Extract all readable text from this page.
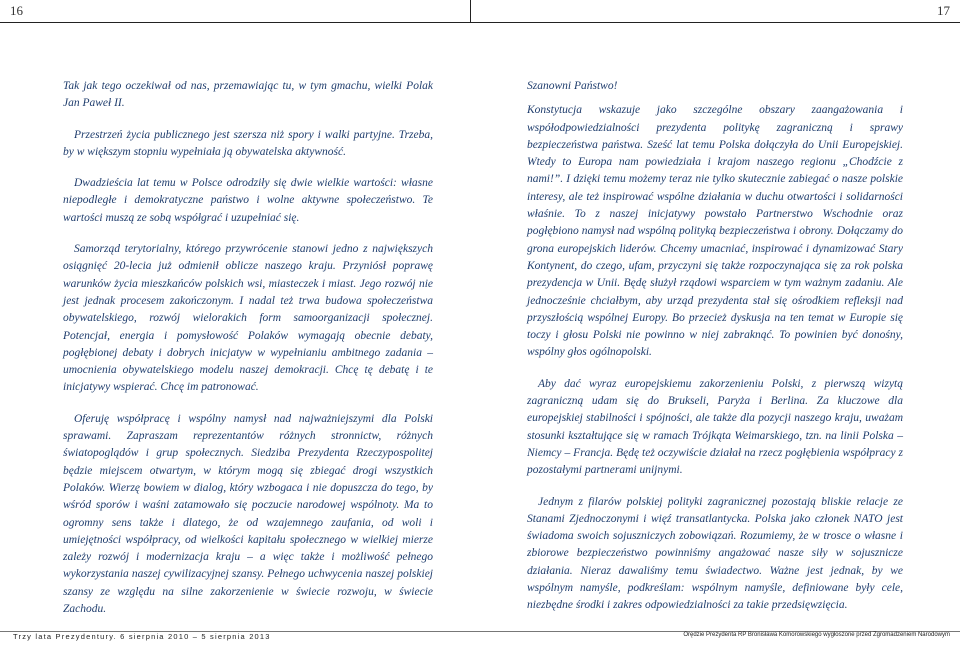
16	17

Tak jak tego oczekiwał od nas, przemawiając tu, w tym gmachu, wielki Polak Jan Paweł II.

Przestrzeń życia publicznego jest szersza niż spory i walki partyjne. Trzeba, by w większym stopniu wypełniała ją obywatelska aktywność.

Dwadzieścia lat temu w Polsce odrodziły się dwie wielkie wartości: własne niepodległe i demokratyczne państwo i wolne aktywne społeczeństwo. Te wartości muszą ze sobą współgrać i uzupełniać się.

Samorząd terytorialny, którego przywrócenie stanowi jedno z największych osiągnięć 20-lecia już odmienił oblicze naszego kraju. Przyniósł poprawę warunków życia mieszkańców polskich wsi, miasteczek i miast. Jego rozwój nie jest jednak procesem zakończonym. I nadal też trwa budowa społeczeństwa obywatelskiego, rozwój wielorakich form samoorganizacji społecznej. Potencjał, energia i pomysłowość Polaków wymagają obecnie debaty, pogłębionej debaty i dobrych inicjatyw w wypełnianiu ambitnego zadania – umocnienia obywatelskiego modelu naszej demokracji. Chcę tę debatę i te inicjatywy wspierać. Chcę im patronować.

Oferuję współpracę i wspólny namysł nad najważniejszymi dla Polski sprawami. Zapraszam reprezentantów różnych stronnictw, różnych światopoglądów i grup społecznych. Siedziba Prezydenta Rzeczypospolitej będzie miejscem otwartym, w którym mogą się zbiegać drogi wszystkich Polaków. Wierzę bowiem w dialog, który wzbogaca i nie dopuszcza do tego, by wśród sporów i waśni zatamowało się poczucie narodowej wspólnoty. Ma to ogromny sens także i dlatego, że od wzajemnego zaufania, od woli i umiejętności współpracy, od wielkości kapitału społecznego w wielkiej mierze zależy rozwój i modernizacja kraju – a więc także i możliwość pełnego wykorzystania naszej cywilizacyjnej szansy. Pełnego uchwycenia naszej polskiej szansy ze względu na silne zakorzenienie w świecie rozwoju, w świecie Zachodu.

Szanowni Państwo!

Konstytucja wskazuje jako szczególne obszary zaangażowania i współodpowiedzialności prezydenta politykę zagraniczną i sprawy bezpieczeństwa państwa. Sześć lat temu Polska dołączyła do Unii Europejskiej. Wtedy to Europa nam powiedziała i krajom naszego regionu „Chodźcie z nami!”. I dzięki temu możemy teraz nie tylko skutecznie zabiegać o nasze polskie interesy, ale też inspirować wspólne działania w duchu otwartości i solidarności właśnie. To z naszej inicjatywy powstało Partnerstwo Wschodnie oraz pogłębiono namysł nad wspólną polityką bezpieczeństwa i obrony. Dołączamy do grona europejskich liderów. Chcemy umacniać, inspirować i dynamizować Stary Kontynent, do czego, ufam, przyczyni się także rozpoczynająca się za rok polska prezydencja w Unii. Będę służył rządowi wsparciem w tym ważnym zadaniu. Ale jednocześnie chciałbym, aby urząd prezydenta stał się ośrodkiem refleksji nad przyszłością wspólnej Europy. Bo przecież dyskusja na ten temat w Europie się toczy i głosu Polski nie powinno w niej zabraknąć. To powinien być donośny, wspólny głos ogólnopolski.

Aby dać wyraz europejskiemu zakorzenieniu Polski, z pierwszą wizytą zagraniczną udam się do Brukseli, Paryża i Berlina. Za kluczowe dla europejskiej stabilności i spójności, ale także dla pozycji naszego kraju, uważam stosunki kształtujące się w ramach Trójkąta Weimarskiego, tzn. na linii Polska – Niemcy – Francja. Będę też oczywiście działał na rzecz pogłębienia współpracy z pozostałymi partnerami unijnymi.

Jednym z filarów polskiej polityki zagranicznej pozostają bliskie relacje ze Stanami Zjednoczonymi i więź transatlantycka. Polska jako członek NATO jest świadoma swoich sojuszniczych zobowiązań. Rozumiemy, że w trosce o własne i zbiorowe bezpieczeństwo powinniśmy angażować nasze siły w sojusznicze działania. Nieraz dawaliśmy temu świadectwo. Ważne jest jednak, by we wspólnym namyśle, podkreślam: wspólnym namyśle, definiowane były cele, niezbędne środki i zakres odpowiedzialności za takie przedsięwzięcia.

Trzy lata Prezydentury. 6 sierpnia 2010 – 5 sierpnia 2013	Orędzie Prezydenta RP Bronisława Komorowskiego wygłoszone przed Zgromadzeniem Narodowym
